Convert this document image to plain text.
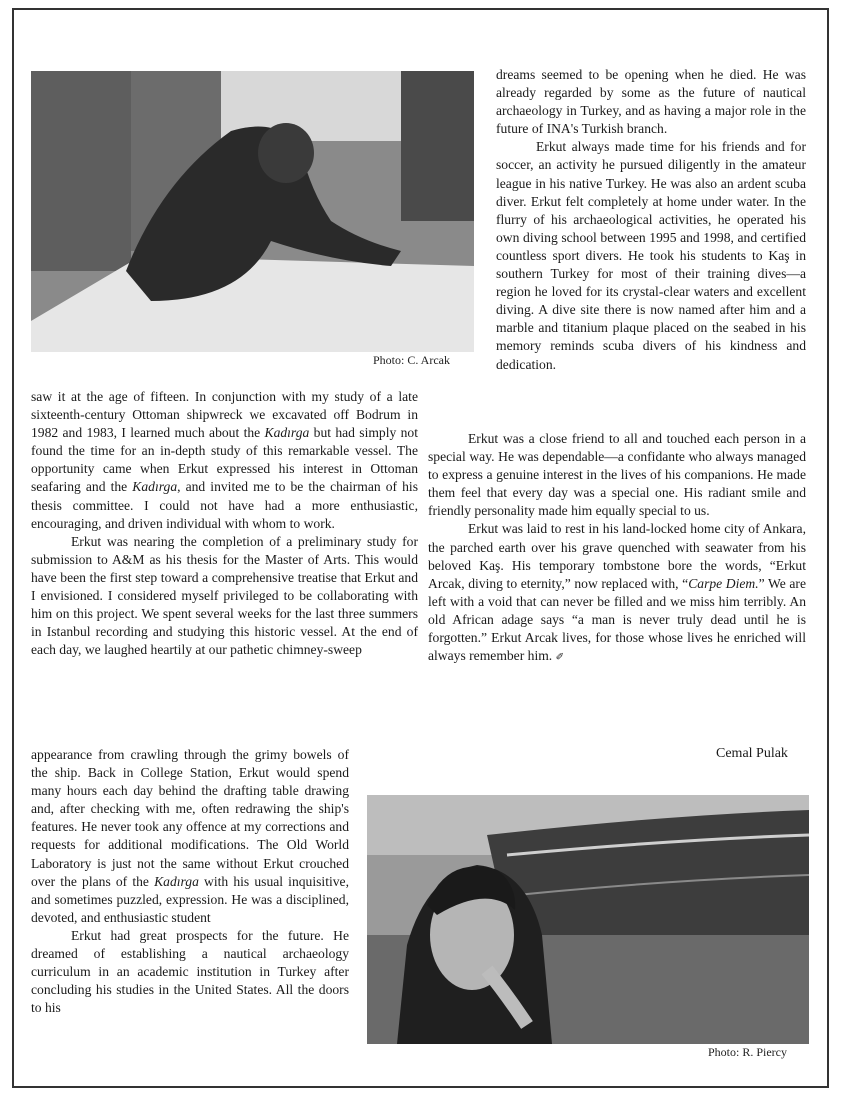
Photo: C. Arcak

dreams seemed to be opening when he died. He was already regarded by some as the future of nautical archaeology in Turkey, and as having a major role in the future of INA's Turkish branch.

Erkut always made time for his friends and for soccer, an activity he pursued diligently in the amateur league in his native Turkey. He was also an ardent scuba diver. Erkut felt completely at home under water. In the flurry of his archaeological activities, he operated his own diving school between 1995 and 1998, and certified countless sport divers. He took his students to Kaş in southern Turkey for most of their training dives—a region he loved for its crystal-clear waters and excellent diving. A dive site there is now named after him and a marble and titanium plaque placed on the seabed in his memory reminds scuba divers of his kindness and dedication.

Erkut was a close friend to all and touched each person in a special way. He was dependable—a confidante who always managed to express a genuine interest in the lives of his companions. He made them feel that every day was a special one. His radiant smile and friendly personality made him equally special to us.

Erkut was laid to rest in his land-locked home city of Ankara, the parched earth over his grave quenched with seawater from his beloved Kaş. His temporary tombstone bore the words, “Erkut Arcak, diving to eternity,” now replaced with, “Carpe Diem.” We are left with a void that can never be filled and we miss him terribly. An old African adage says “a man is never truly dead until he is forgotten.” Erkut Arcak lives, for those whose lives he enriched will always remember him. ✐

Cemal Pulak

saw it at the age of fifteen. In conjunction with my study of a late sixteenth-century Ottoman shipwreck we excavated off Bodrum in 1982 and 1983, I learned much about the Kadırga but had simply not found the time for an in-depth study of this remarkable vessel. The opportunity came when Erkut expressed his interest in Ottoman seafaring and the Kadırga, and invited me to be the chairman of his thesis committee. I could not have had a more enthusiastic, encouraging, and driven individual with whom to work.

Erkut was nearing the completion of a preliminary study for submission to A&M as his thesis for the Master of Arts. This would have been the first step toward a comprehensive treatise that Erkut and I envisioned. I considered myself privileged to be collaborating with him on this project. We spent several weeks for the last three summers in Istanbul recording and studying this historic vessel. At the end of each day, we laughed heartily at our pathetic chimney-sweep

appearance from crawling through the grimy bowels of the ship. Back in College Station, Erkut would spend many hours each day behind the drafting table drawing and, after checking with me, often redrawing the ship's features. He never took any offence at my corrections and requests for additional modifications. The Old World Laboratory is just not the same without Erkut crouched over the plans of the Kadırga with his usual inquisitive, and sometimes puzzled, expression. He was a disciplined, devoted, and enthusiastic student

Erkut had great prospects for the future. He dreamed of establishing a nautical archaeology curriculum in an academic institution in Turkey after concluding his studies in the United States. All the doors to his

Photo: R. Piercy
